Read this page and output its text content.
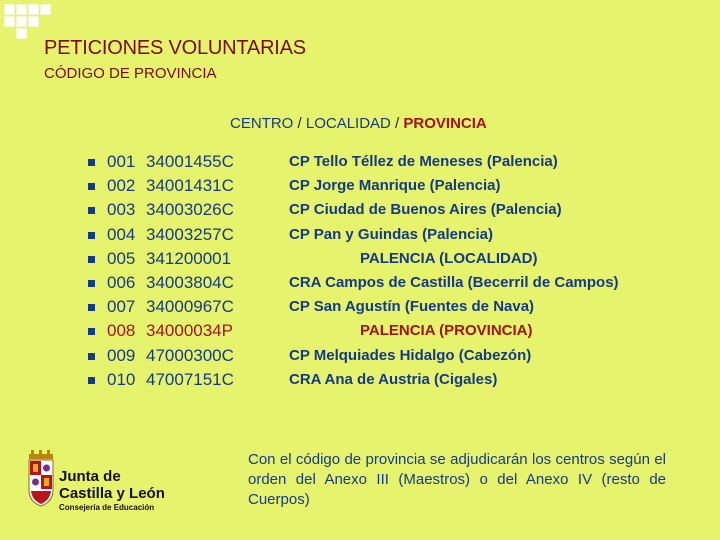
PETICIONES VOLUNTARIAS
CÓDIGO DE PROVINCIA
CENTRO / LOCALIDAD / PROVINCIA
001 34001455C	CP Tello Téllez de Meneses (Palencia)
002 34001431C	CP Jorge Manrique (Palencia)
003 34003026C	CP Ciudad de Buenos Aires (Palencia)
004 34003257C	CP Pan y Guindas (Palencia)
005 341200001	PALENCIA (LOCALIDAD)
006 34003804C	CRA Campos de Castilla (Becerril de Campos)
007 34000967C	CP San Agustín (Fuentes de Nava)
008 34000034P	PALENCIA (PROVINCIA)
009 47000300C	CP Melquiades Hidalgo (Cabezón)
010 47007151C	CRA Ana de Austria (Cigales)
Con el código de provincia se adjudicarán los centros según el orden del Anexo III (Maestros) o del Anexo IV (resto de Cuerpos)
Junta de
Castilla y León
Consejería de Educación
